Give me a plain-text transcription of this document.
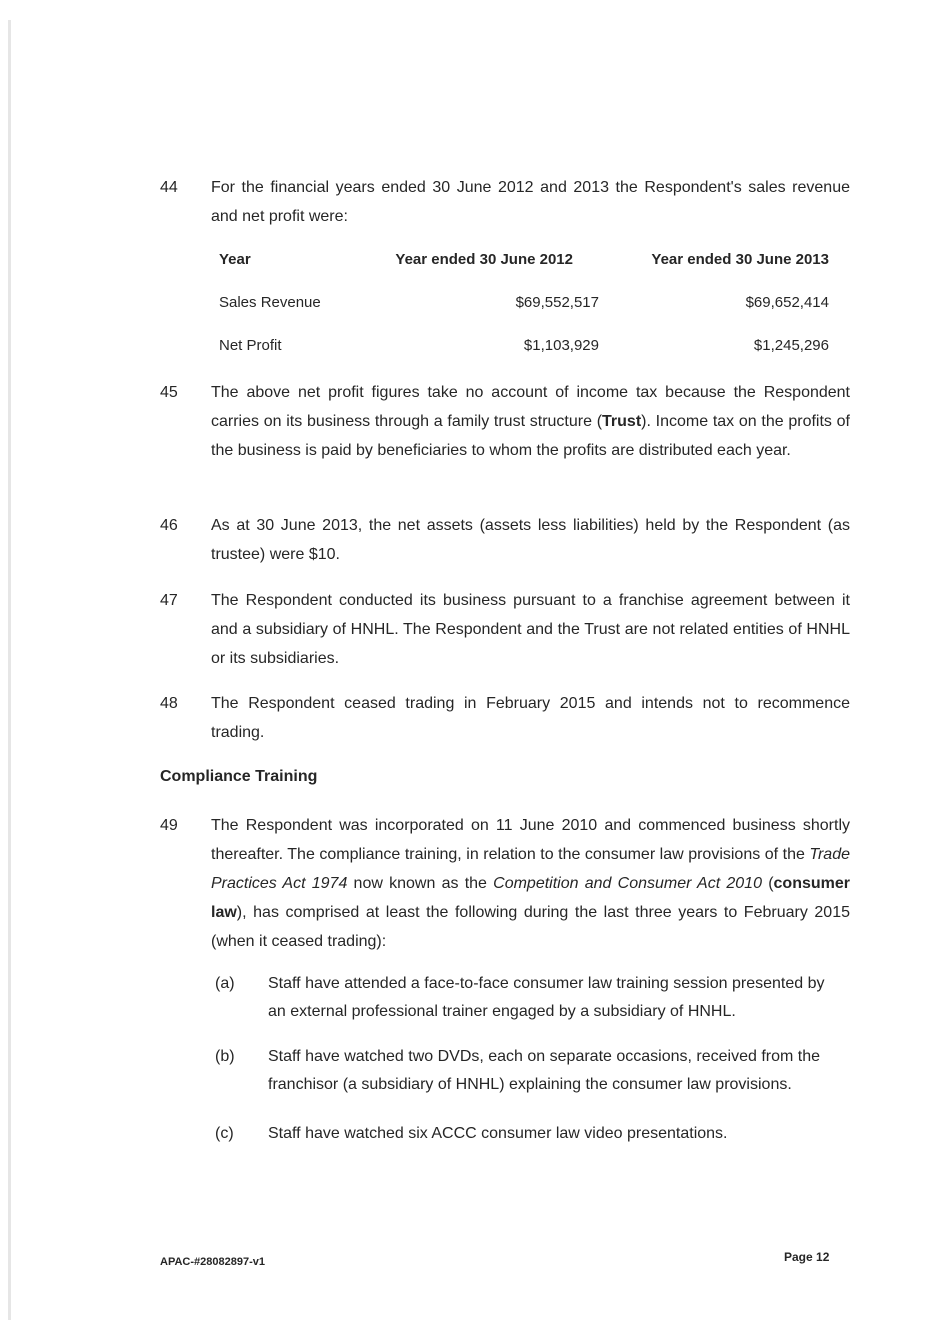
44 For the financial years ended 30 June 2012 and 2013 the Respondent's sales revenue and net profit were:
Year	Year ended 30 June 2012	Year ended 30 June 2013
Sales Revenue	$69,552,517	$69,652,414
Net Profit	$1,103,929	$1,245,296
45 The above net profit figures take no account of income tax because the Respondent carries on its business through a family trust structure (Trust). Income tax on the profits of the business is paid by beneficiaries to whom the profits are distributed each year.
46 As at 30 June 2013, the net assets (assets less liabilities) held by the Respondent (as trustee) were $10.
47 The Respondent conducted its business pursuant to a franchise agreement between it and a subsidiary of HNHL. The Respondent and the Trust are not related entities of HNHL or its subsidiaries.
48 The Respondent ceased trading in February 2015 and intends not to recommence trading.
Compliance Training
49 The Respondent was incorporated on 11 June 2010 and commenced business shortly thereafter. The compliance training, in relation to the consumer law provisions of the Trade Practices Act 1974 now known as the Competition and Consumer Act 2010 (consumer law), has comprised at least the following during the last three years to February 2015 (when it ceased trading):
(a) Staff have attended a face-to-face consumer law training session presented by an external professional trainer engaged by a subsidiary of HNHL.
(b) Staff have watched two DVDs, each on separate occasions, received from the franchisor (a subsidiary of HNHL) explaining the consumer law provisions.
(c) Staff have watched six ACCC consumer law video presentations.
APAC-#28082897-v1	Page 12
